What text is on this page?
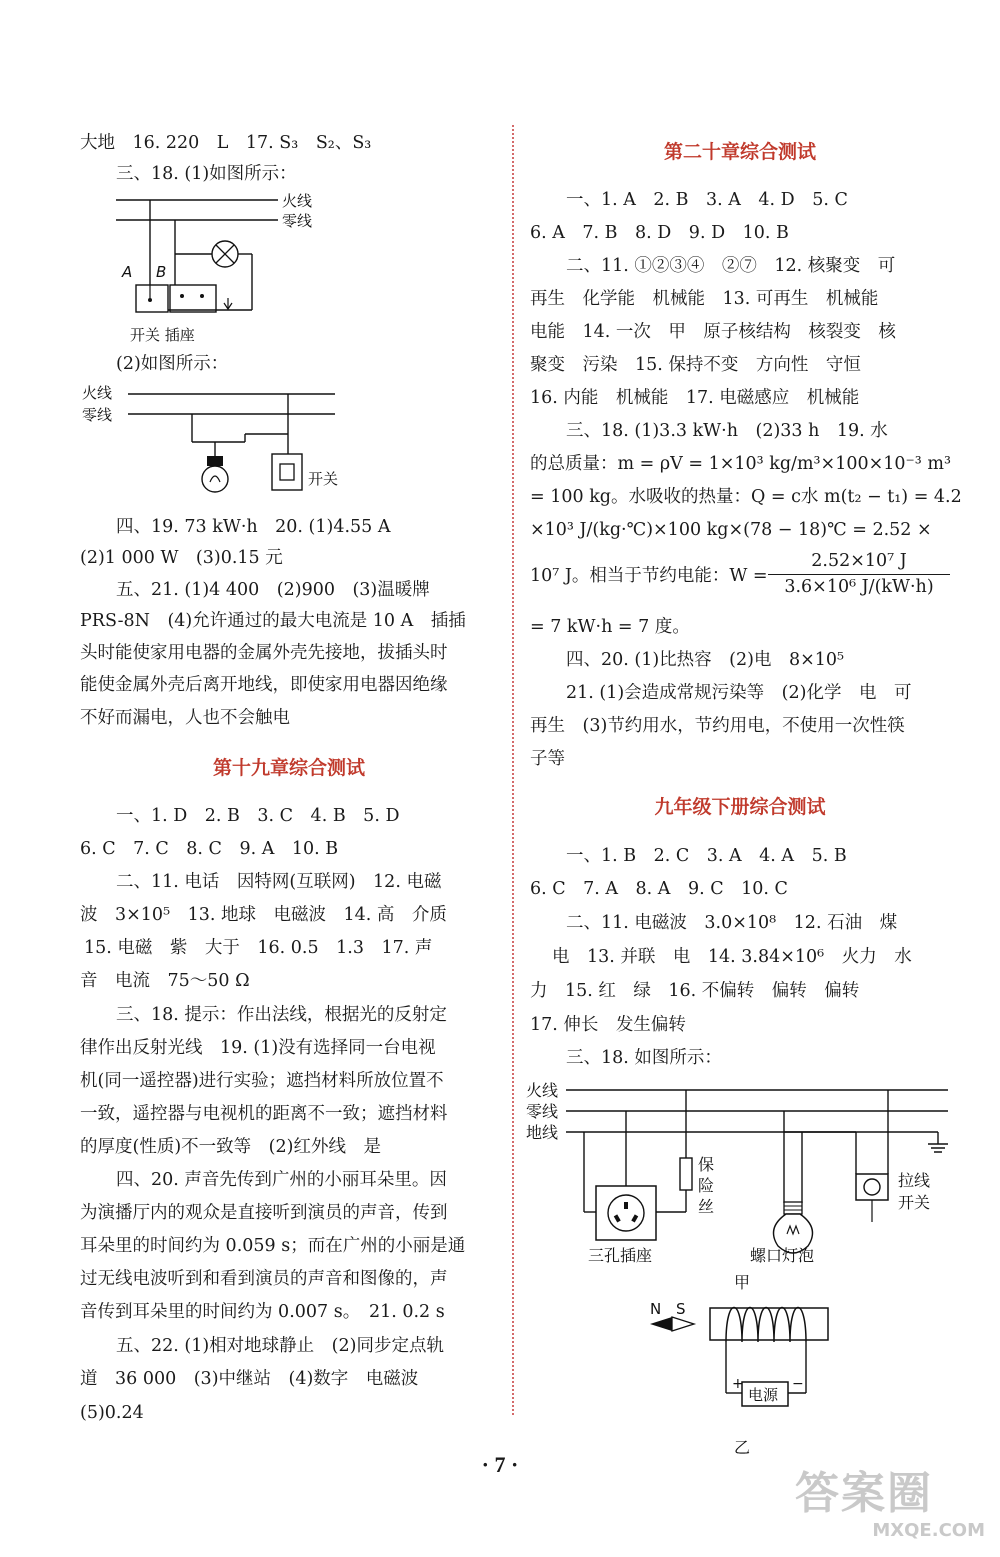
大地　16. 220　L　17. S₃　S₂、S₃
三、18. (1)如图所示：
火线
零线
A B
开关 插座
(2)如图所示：
火线
零线
开关
四、19. 73 kW·h　20. (1)4.55 A
(2)1 000 W　(3)0.15 元
五、21. (1)4 400　(2)900　(3)温暖牌
PRS-8N　(4)允许通过的最大电流是 10 A　插插
头时能使家用电器的金属外壳先接地，拔插头时
能使金属外壳后离开地线，即使家用电器因绝缘
不好而漏电，人也不会触电
第十九章综合测试
一、1. D　2. B　3. C　4. B　5. D
6. C　7. C　8. C　9. A　10. B
二、11. 电话　因特网(互联网)　12. 电磁
波　3×10⁵　13. 地球　电磁波　14. 高　介质
15. 电磁　紫　大于　16. 0.5　1.3　17. 声
音　电流　75～50 Ω
三、18. 提示：作出法线，根据光的反射定
律作出反射光线　19. (1)没有选择同一台电视
机(同一遥控器)进行实验；遮挡材料所放位置不
一致，遥控器与电视机的距离不一致；遮挡材料
的厚度(性质)不一致等　(2)红外线　是
四、20. 声音先传到广州的小丽耳朵里。因
为演播厅内的观众是直接听到演员的声音，传到
耳朵里的时间约为 0.059 s；而在广州的小丽是通
过无线电波听到和看到演员的声音和图像的，声
音传到耳朵里的时间约为 0.007 s。　21. 0.2 s
五、22. (1)相对地球静止　(2)同步定点轨
道　36 000　(3)中继站　(4)数字　电磁波
(5)0.24
第二十章综合测试
一、1. A　2. B　3. A　4. D　5. C
6. A　7. B　8. D　9. D　10. B
二、11. ①②③④　②⑦　12. 核聚变　可
再生　化学能　机械能　13. 可再生　机械能
电能　14. 一次　甲　原子核结构　核裂变　核
聚变　污染　15. 保持不变　方向性　守恒
16. 内能　机械能　17. 电磁感应　机械能
三、18. (1)3.3 kW·h　(2)33 h　19. 水
的总质量：m = ρV = 1×10³ kg/m³×100×10⁻³ m³
= 100 kg。水吸收的热量：Q = c水 m(t₂ − t₁) = 4.2
×10³ J/(kg·℃)×100 kg×(78 − 18)℃ = 2.52 ×
10⁷ J。相当于节约电能：$W = \frac{\text{2.52×10⁷ J}}{\text{3.6×10⁶ J/(kW·h)}}$
= 7 kW·h = 7 度。
四、20. (1)比热容　(2)电　8×10⁵
21. (1)会造成常规污染等　(2)化学　电　可
再生　(3)节约用水，节约用电，不使用一次性筷
子等
九年级下册综合测试
一、1. B　2. C　3. A　4. A　5. B
6. C　7. A　8. A　9. C　10. C
二、11. 电磁波　3.0×10⁸　12. 石油　煤
电　13. 并联　电　14. 3.84×10⁶　火力　水
力　15. 红　绿　16. 不偏转　偏转　偏转
17. 伸长　发生偏转
三、18. 如图所示：
火线
零线
地线
保
险
丝
三孔插座	螺口灯泡
拉线
开关
甲
N S
电源
+	−
乙
· 7 ·
答案圈
MXQE.COM
